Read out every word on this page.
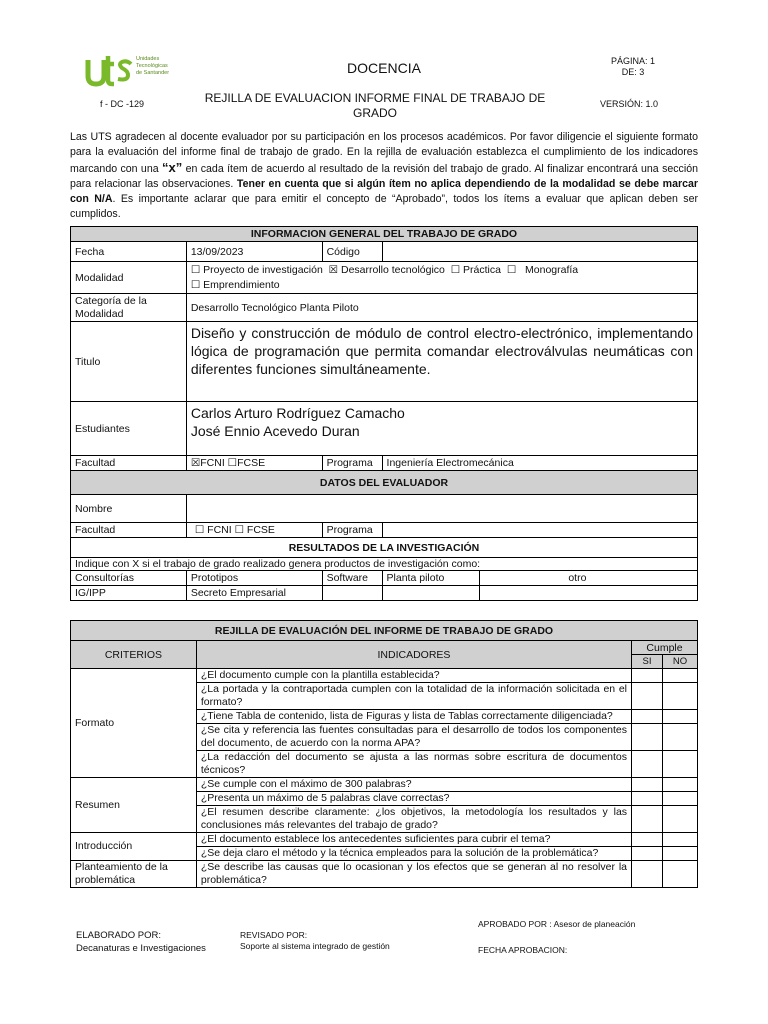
Unidades
Tecnológicas
de Santander
f - DC -129
DOCENCIA
REJILLA DE EVALUACION INFORME FINAL DE TRABAJO DE GRADO
PÁGINA: 1
DE: 3
VERSIÓN: 1.0
Las UTS agradecen al docente evaluador por su participación en los procesos académicos. Por favor diligencie el siguiente formato para la evaluación del informe final de trabajo de grado. En la rejilla de evaluación establezca el cumplimiento de los indicadores marcando con una “x” en cada ítem de acuerdo al resultado de la revisión del trabajo de grado. Al finalizar encontrará una sección para relacionar las observaciones. Tener en cuenta que si algún ítem no aplica dependiendo de la modalidad se debe marcar con N/A. Es importante aclarar que para emitir el concepto de “Aprobado”, todos los ítems a evaluar que aplican deben ser cumplidos.
INFORMACION GENERAL DEL TRABAJO DE GRADO				
Fecha	13/09/2023	Código		
Modalidad	☐ Proyecto de investigación ☒ Desarrollo tecnológico ☐ Práctica ☐ Monografía
☐ Emprendimiento			
Categoría de la Modalidad	Desarrollo Tecnológico Planta Piloto			
Titulo	Diseño y construcción de módulo de control electro-electrónico, implementando lógica de programación que permita comandar electroválvulas neumáticas con diferentes funciones simultáneamente.			
Estudiantes	Carlos Arturo Rodríguez Camacho
José Ennio Acevedo Duran			

Facultad	☒FCNI ☐FCSE	Programa	Ingeniería Electromecánica	
DATOS DEL EVALUADOR				
Nombre				
Facultad	☐ FCNI ☐ FCSE	Programa		
RESULTADOS DE LA INVESTIGACIÓN				
Indique con X si el trabajo de grado realizado genera productos de investigación como:				
Consultorías	Prototipos	Software	Planta piloto	otro
IG/IPP	Secreto Empresarial			
REJILLA DE EVALUACIÓN DEL INFORME DE TRABAJO DE GRADO			
CRITERIOS	INDICADORES	Cumple	
		SI	NO
Formato	¿El documento cumple con la plantilla establecida?		
	¿La portada y la contraportada cumplen con la totalidad de la información solicitada en el formato?		
	¿Tiene Tabla de contenido, lista de Figuras y lista de Tablas correctamente diligenciada?		
	¿Se cita y referencia las fuentes consultadas para el desarrollo de todos los componentes del documento, de acuerdo con la norma APA?		
	¿La redacción del documento se ajusta a las normas sobre escritura de documentos técnicos?		
Resumen	¿Se cumple con el máximo de 300 palabras?		
	¿Presenta un máximo de 5 palabras clave correctas?		
	¿El resumen describe claramente: ¿los objetivos, la metodología los resultados y las conclusiones más relevantes del trabajo de grado?		
Introducción	¿El documento establece los antecedentes suficientes para cubrir el tema?		
	¿Se deja claro el método y la técnica empleados para la solución de la problemática?		
Planteamiento de la problemática	¿Se describe las causas que lo ocasionan y los efectos que se generan al no resolver la problemática?		
APROBADO POR : Asesor de planeación
ELABORADO POR:
Decanaturas e Investigaciones
REVISADO POR:
Soporte al sistema integrado de gestión	FECHA APROBACION:
